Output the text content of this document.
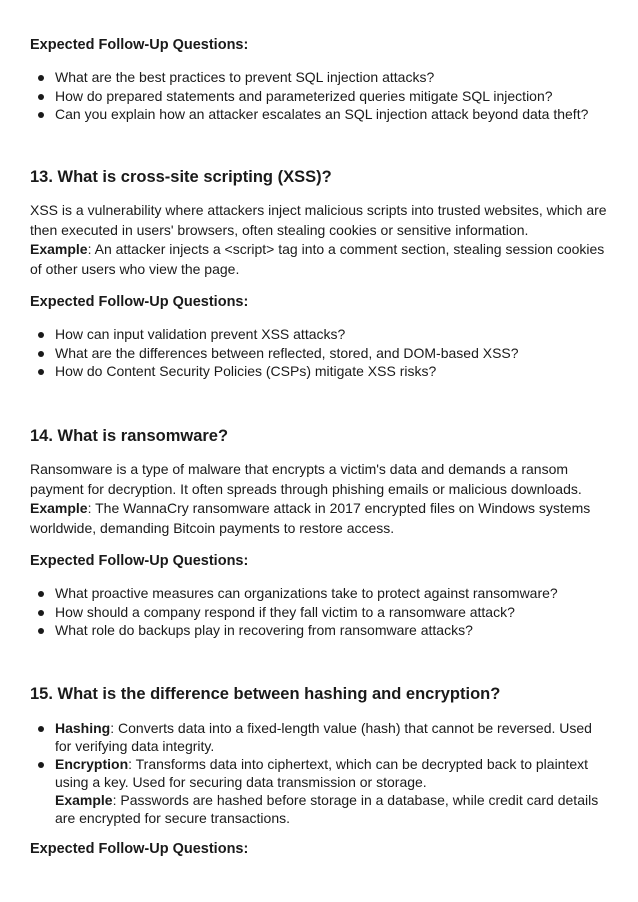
Expected Follow-Up Questions:

What are the best practices to prevent SQL injection attacks?
How do prepared statements and parameterized queries mitigate SQL injection?
Can you explain how an attacker escalates an SQL injection attack beyond data theft?
13. What is cross-site scripting (XSS)?

XSS is a vulnerability where attackers inject malicious scripts into trusted websites, which are then executed in users' browsers, often stealing cookies or sensitive information.
Example: An attacker injects a <script> tag into a comment section, stealing session cookies of other users who view the page.

Expected Follow-Up Questions:

How can input validation prevent XSS attacks?
What are the differences between reflected, stored, and DOM-based XSS?
How do Content Security Policies (CSPs) mitigate XSS risks?
14. What is ransomware?

Ransomware is a type of malware that encrypts a victim's data and demands a ransom payment for decryption. It often spreads through phishing emails or malicious downloads.
Example: The WannaCry ransomware attack in 2017 encrypted files on Windows systems worldwide, demanding Bitcoin payments to restore access.

Expected Follow-Up Questions:

What proactive measures can organizations take to protect against ransomware?
How should a company respond if they fall victim to a ransomware attack?
What role do backups play in recovering from ransomware attacks?
15. What is the difference between hashing and encryption?
Hashing: Converts data into a fixed-length value (hash) that cannot be reversed. Used for verifying data integrity.
Encryption: Transforms data into ciphertext, which can be decrypted back to plaintext using a key. Used for securing data transmission or storage.
Example: Passwords are hashed before storage in a database, while credit card details are encrypted for secure transactions.

Expected Follow-Up Questions:
